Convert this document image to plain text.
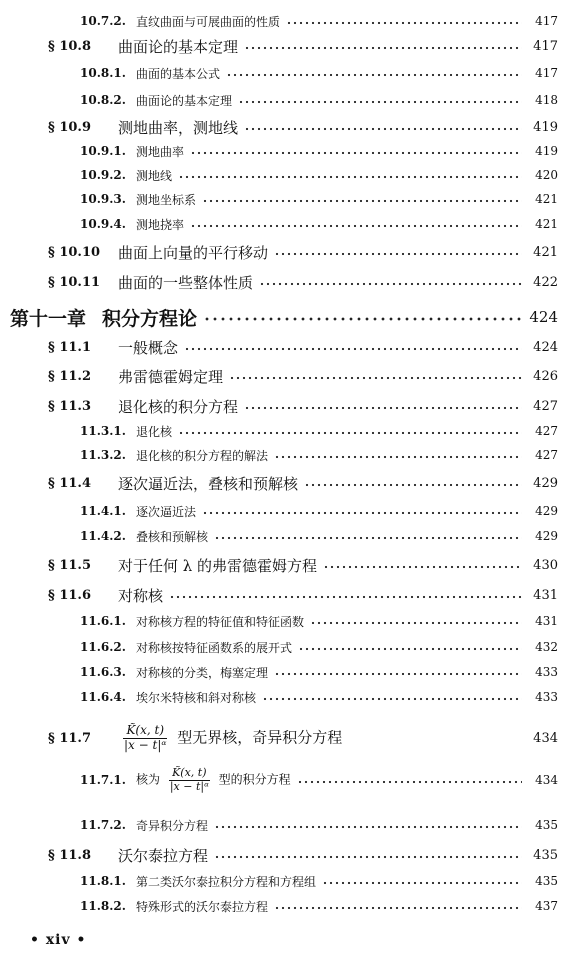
10.7.2. 直纹曲面与可展曲面的性质	417
§ 10.8	曲面论的基本定理	417
10.8.1. 曲面的基本公式	417
10.8.2. 曲面论的基本定理	418
§ 10.9	测地曲率，测地线	419
10.9.1. 测地曲率	419
10.9.2. 测地线	420
10.9.3. 测地坐标系	421
10.9.4. 测地挠率	421
§ 10.10	曲面上向量的平行移动	421
§ 10.11	曲面的一些整体性质	422
第十一章 积分方程论	424
§ 11.1	一般概念	424
§ 11.2	弗雷德霍姆定理	426
§ 11.3	退化核的积分方程	427
11.3.1. 退化核	427
11.3.2. 退化核的积分方程的解法	427
§ 11.4	逐次逼近法，叠核和预解核	429
11.4.1. 逐次逼近法	429
11.4.2. 叠核和预解核	429
§ 11.5	对于任何 λ 的弗雷德霍姆方程	430
§ 11.6	对称核	431
11.6.1. 对称核方程的特征值和特征函数	431
11.6.2. 对称核按特征函数系的展开式	432
11.6.3. 对称核的分类，梅塞定理	433
11.6.4. 埃尔米特核和斜对称核	433
§ 11.7	$\frac{K̃(x, t)}{\text{|x − t|ᵅ}}$ 型无界核，奇异积分方程	434
11.7.1. 核为 $\frac{K̃(x, t)}{\text{|x − t|ᵅ}}$ 型的积分方程	434
11.7.2. 奇异积分方程	435
§ 11.8	沃尔泰拉方程	435
11.8.1. 第二类沃尔泰拉积分方程和方程组	435
11.8.2. 特殊形式的沃尔泰拉方程	437
• xiv •
